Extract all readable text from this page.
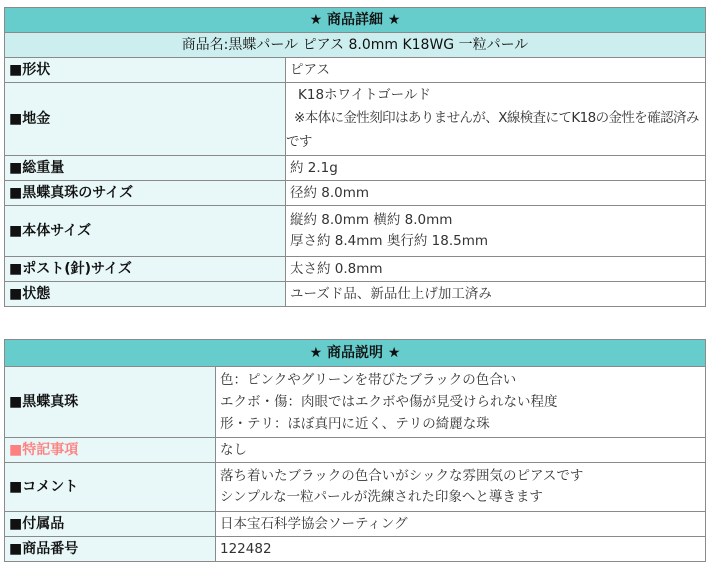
★ 商品詳細 ★	
商品名:黒蝶パール ピアス 8.0mm K18WG 一粒パール	
■形状	ピアス

■地金	K18ホワイトゴールド
※本体に金性刻印はありませんが、X線検査にてK18の金性を確認済みです

■総重量	約 2.1g

■黒蝶真珠のサイズ	径約 8.0mm

■本体サイズ	縦約 8.0mm 横約 8.0mm
厚さ約 8.4mm 奥行約 18.5mm

■ポスト(針)サイズ	太さ約 0.8mm

■状態	ユーズド品、新品仕上げ加工済み
★ 商品説明 ★	
■黒蝶真珠	色：ピンクやグリーンを帯びたブラックの色合い
エクボ・傷：肉眼ではエクボや傷が見受けられない程度
形・テリ：ほぼ真円に近く、テリの綺麗な珠

■特記事項	なし

■コメント	落ち着いたブラックの色合いがシックな雰囲気のピアスです
シンプルな一粒パールが洗練された印象へと導きます

■付属品	日本宝石科学協会ソーティング

■商品番号	122482
